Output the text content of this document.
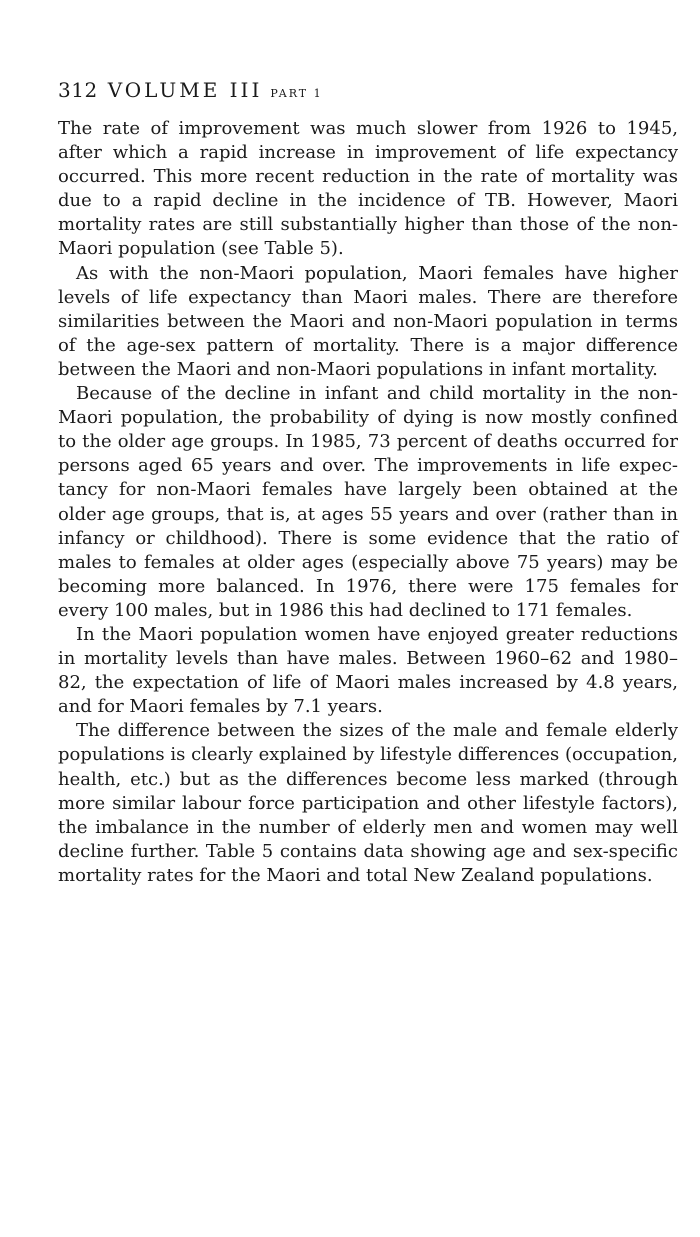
312 VOLUME III PART 1

The rate of improvement was much slower from 1926 to 1945, after which a rapid increase in improvement of life expectancy occurred. This more recent reduction in the rate of mortality was due to a rapid decline in the incidence of TB. However, Maori mortality rates are still substantially higher than those of the non-Maori population (see Table 5).

As with the non-Maori population, Maori females have higher levels of life expectancy than Maori males. There are therefore similarities between the Maori and non-Maori population in terms of the age-sex pattern of mortality. There is a major difference between the Maori and non-Maori populations in infant mortality.

Because of the decline in infant and child mortality in the non-Maori population, the probability of dying is now mostly confined to the older age groups. In 1985, 73 percent of deaths occurred for persons aged 65 years and over. The improvements in life expectancy for non-Maori females have largely been obtained at the older age groups, that is, at ages 55 years and over (rather than in infancy or childhood). There is some evidence that the ratio of males to females at older ages (especially above 75 years) may be becoming more balanced. In 1976, there were 175 females for every 100 males, but in 1986 this had declined to 171 females.

In the Maori population women have enjoyed greater reductions in mortality levels than have males. Between 1960–62 and 1980–82, the expectation of life of Maori males increased by 4.8 years, and for Maori females by 7.1 years.

The difference between the sizes of the male and female elderly populations is clearly explained by lifestyle differences (occupation, health, etc.) but as the differences become less marked (through more similar labour force participation and other lifestyle factors), the imbalance in the number of elderly men and women may well decline further. Table 5 contains data showing age and sex-specific mortality rates for the Maori and total New Zealand populations.
